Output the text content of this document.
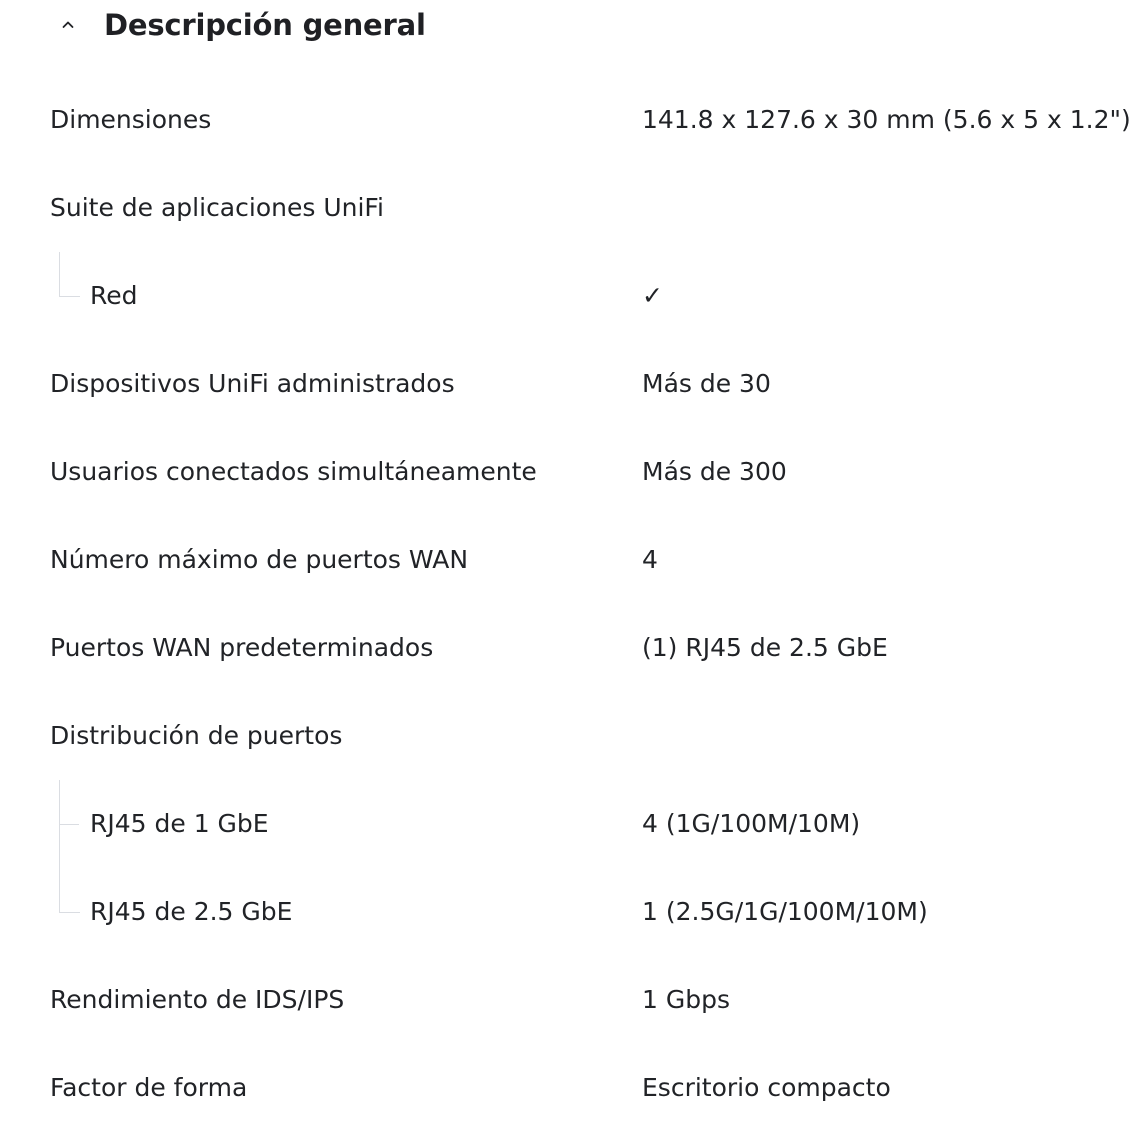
Descripción general
Dimensiones	141.8 x 127.6 x 30 mm (5.6 x 5 x 1.2")
Suite de aplicaciones UniFi
Red	✓
Dispositivos UniFi administrados	Más de 30
Usuarios conectados simultáneamente	Más de 300
Número máximo de puertos WAN	4
Puertos WAN predeterminados	(1) RJ45 de 2.5 GbE
Distribución de puertos
RJ45 de 1 GbE	4 (1G/100M/10M)
RJ45 de 2.5 GbE	1 (2.5G/1G/100M/10M)
Rendimiento de IDS/IPS	1 Gbps
Factor de forma	Escritorio compacto
